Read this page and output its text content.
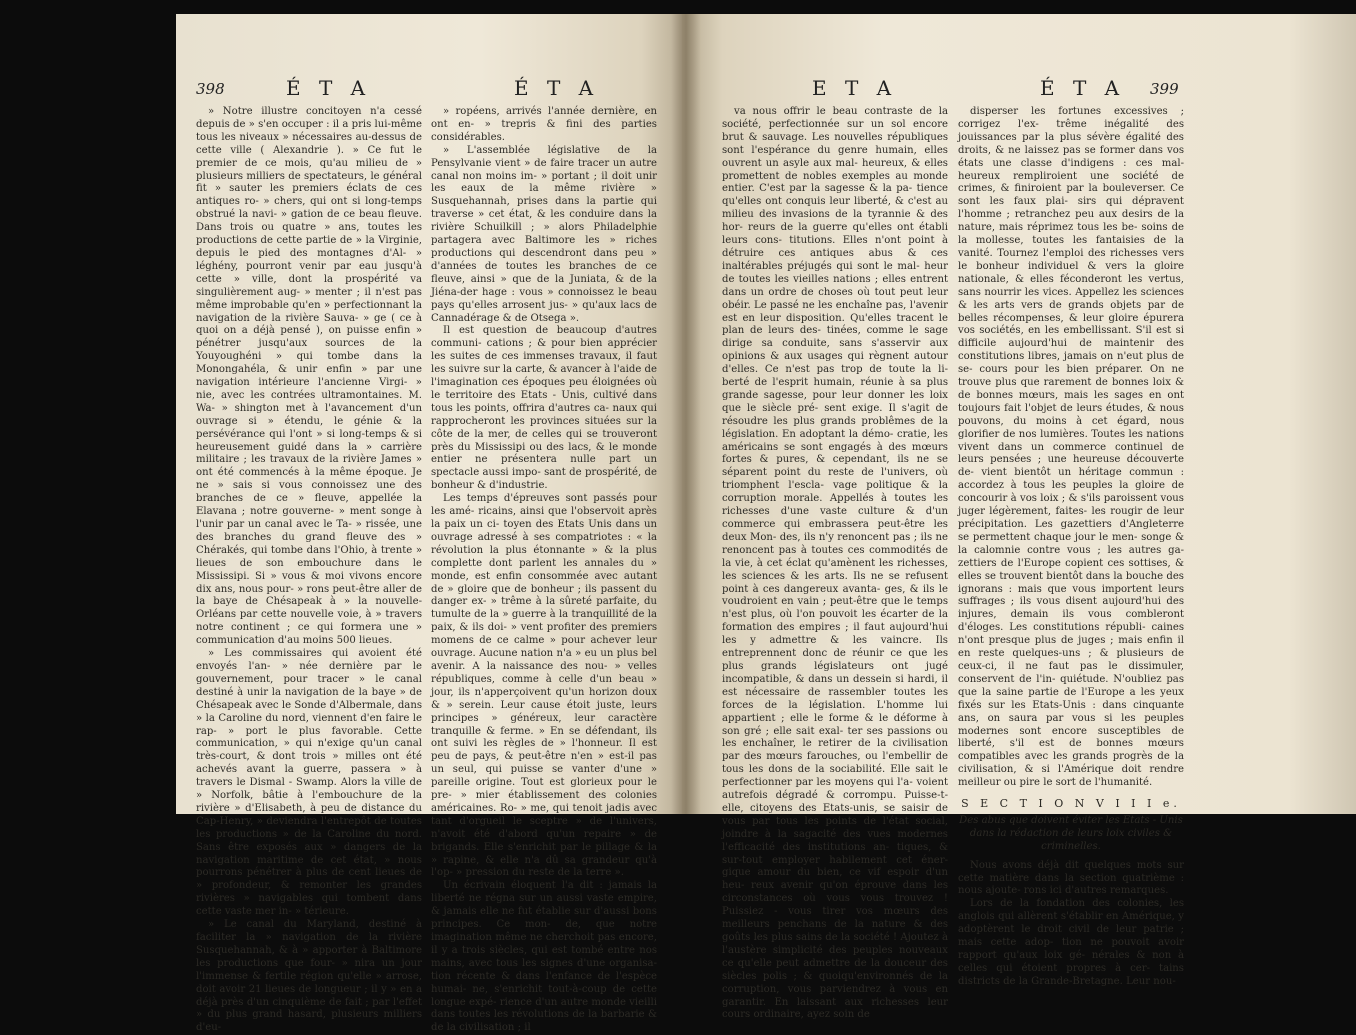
398	É T A	É T A

» Notre illustre concitoyen n'a cessé depuis de » s'en occuper : il a pris lui-même tous les niveaux » nécessaires au-dessus de cette ville ( Alexandrie ). » Ce fut le premier de ce mois, qu'au milieu de » plusieurs milliers de spectateurs, le général fit » sauter les premiers éclats de ces antiques ro- » chers, qui ont si long-temps obstrué la navi- » gation de ce beau fleuve. Dans trois ou quatre » ans, toutes les productions de cette partie de » la Virginie, depuis le pied des montagnes d'Al- » léghény, pourront venir par eau jusqu'à cette » ville, dont la prospérité va singulièrement aug- » menter ; il n'est pas même improbable qu'en » perfectionnant la navigation de la rivière Sauva- » ge ( ce à quoi on a déjà pensé ), on puisse enfin » pénétrer jusqu'aux sources de la Youyoughéni » qui tombe dans la Monongahéla, & unir enfin » par une navigation intérieure l'ancienne Virgi- » nie, avec les contrées ultramontaines. M. Wa- » shington met à l'avancement d'un ouvrage si » étendu, le génie & la persévérance qui l'ont » si long-temps & si heureusement guidé dans la » carrière militaire ; les travaux de la rivière James » ont été commencés à la même époque. Je ne » sais si vous connoissez une des branches de ce » fleuve, appellée la Elavana ; notre gouverne- » ment songe à l'unir par un canal avec le Ta- » rissée, une des branches du grand fleuve des » Chérakés, qui tombe dans l'Ohio, à trente » lieues de son embouchure dans le Mississipi. Si » vous & moi vivons encore dix ans, nous pour- » rons peut-être aller de la baye de Chésapeak à » la nouvelle-Orléans par cette nouvelle voie, à » travers notre continent ; ce qui formera une » communication d'au moins 500 lieues.

» Les commissaires qui avoient été envoyés l'an- » née dernière par le gouvernement, pour tracer » le canal destiné à unir la navigation de la baye » de Chésapeak avec le Sonde d'Albermale, dans » la Caroline du nord, viennent d'en faire le rap- » port le plus favorable. Cette communication, » qui n'exige qu'un canal très-court, & dont trois » milles ont été achevés avant la guerre, passera » à travers le Dismal - Swamp. Alors la ville de » Norfolk, bâtie à l'embouchure de la rivière » d'Elisabeth, à peu de distance du Cap-Henry, » deviendra l'entrepôt de toutes les productions » de la Caroline du nord. Sans être exposés aux » dangers de la navigation maritime de cet état, » nous pourrons pénétrer à plus de cent lieues de » profondeur, & remonter les grandes rivières » navigables qui tombent dans cette vaste mer in- » térieure.

» Le canal du Maryland, destiné à faciliter la » navigation de la rivière Susquehannah, & à » apporter à Baltimore les productions que four- » nira un jour l'immense & fertile région qu'elle » arrose, doit avoir 21 lieues de longueur ; il y » en a déjà près d'un cinquième de fait ; par l'effet » du plus grand hasard, plusieurs milliers d'eu-

» ropéens, arrivés l'année dernière, en ont en- » trepris & fini des parties considérables.

» L'assemblée législative de la Pensylvanie vient » de faire tracer un autre canal non moins im- » portant ; il doit unir les eaux de la même rivière » Susquehannah, prises dans la partie qui traverse » cet état, & les conduire dans la rivière Schuilkill ; » alors Philadelphie partagera avec Baltimore les » riches productions qui descendront dans peu » d'années de toutes les branches de ce fleuve, ainsi » que de la Juniata, & de la Jiéna-der hage : vous » connoissez le beau pays qu'elles arrosent jus- » qu'aux lacs de Cannadérage & de Otsega ».

Il est question de beaucoup d'autres communi- cations ; & pour bien apprécier les suites de ces immenses travaux, il faut les suivre sur la carte, & avancer à l'aide de l'imagination ces époques peu éloignées où le territoire des Etats - Unis, cultivé dans tous les points, offrira d'autres ca- naux qui rapprocheront les provinces situées sur la côte de la mer, de celles qui se trouveront près du Mississipi ou des lacs, & le monde entier ne présentera nulle part un spectacle aussi impo- sant de prospérité, de bonheur & d'industrie.

Les temps d'épreuves sont passés pour les amé- ricains, ainsi que l'observoit après la paix un ci- toyen des Etats Unis dans un ouvrage adressé à ses compatriotes : « la révolution la plus étonnante » & la plus complette dont parlent les annales du » monde, est enfin consommée avec autant de » gloire que de bonheur ; ils passent du danger ex- » trême à la sûreté parfaite, du tumulte de la » guerre à la tranquillité de la paix, & ils doi- » vent profiter des premiers momens de ce calme » pour achever leur ouvrage. Aucune nation n'a » eu un plus bel avenir. A la naissance des nou- » velles républiques, comme à celle d'un beau » jour, ils n'apperçoivent qu'un horizon doux & » serein. Leur cause étoit juste, leurs principes » généreux, leur caractère tranquille & ferme. » En se défendant, ils ont suivi les règles de » l'honneur. Il est peu de pays, & peut-être n'en » est-il pas un seul, qui puisse se vanter d'une » pareille origine. Tout est glorieux pour le pre- » mier établissement des colonies américaines. Ro- » me, qui tenoit jadis avec tant d'orgueil le sceptre » de l'univers, n'avoit été d'abord qu'un repaire » de brigands. Elle s'enrichit par le pillage & la » rapine, & elle n'a dû sa grandeur qu'à l'op- » pression du reste de la terre ».

Un écrivain éloquent l'a dit : jamais la liberté ne régna sur un aussi vaste empire, & jamais elle ne fut établie sur d'aussi bons principes. Ce mon- de, que notre imagination même ne cherchoit pas encore, il y a trois siècles, qui est tombé entre nos mains, avec tous les signes d'une organisa- tion récente & dans l'enfance de l'espèce humai- ne, s'enrichit tout-à-coup de cette longue expé- rience d'un autre monde vieilli dans toutes les révolutions de la barbarie & de la civilisation ; il

E T A	É T A 399

va nous offrir le beau contraste de la société, perfectionnée sur un sol encore brut & sauvage. Les nouvelles républiques sont l'espérance du genre humain, elles ouvrent un asyle aux mal- heureux, & elles promettent de nobles exemples au monde entier. C'est par la sagesse & la pa- tience qu'elles ont conquis leur liberté, & c'est au milieu des invasions de la tyrannie & des hor- reurs de la guerre qu'elles ont établi leurs cons- titutions. Elles n'ont point à détruire ces antiques abus & ces inaltérables préjugés qui sont le mal- heur de toutes les vieilles nations ; elles entrent dans un ordre de choses où tout peut leur obéir. Le passé ne les enchaîne pas, l'avenir est en leur disposition. Qu'elles tracent le plan de leurs des- tinées, comme le sage dirige sa conduite, sans s'asservir aux opinions & aux usages qui règnent autour d'elles. Ce n'est pas trop de toute la li- berté de l'esprit humain, réunie à sa plus grande sagesse, pour leur donner les loix que le siècle pré- sent exige. Il s'agit de résoudre les plus grands problêmes de la législation. En adoptant la démo- cratie, les américains se sont engagés à des mœurs fortes & pures, & cependant, ils ne se séparent point du reste de l'univers, où triomphent l'escla- vage politique & la corruption morale. Appellés à toutes les richesses d'une vaste culture & d'un commerce qui embrassera peut-être les deux Mon- des, ils n'y renoncent pas ; ils ne renoncent pas à toutes ces commodités de la vie, à cet éclat qu'amènent les richesses, les sciences & les arts. Ils ne se refusent point à ces dangereux avanta- ges, & ils le voudroient en vain ; peut-être que le temps n'est plus, où l'on pouvoit les écarter de la formation des empires ; il faut aujourd'hui les y admettre & les vaincre. Ils entreprennent donc de réunir ce que les plus grands législateurs ont jugé incompatible, & dans un dessein si hardi, il est nécessaire de rassembler toutes les forces de la législation. L'homme lui appartient ; elle le forme & le déforme à son gré ; elle sait exal- ter ses passions ou les enchaîner, le retirer de la civilisation par des mœurs farouches, ou l'embellir de tous les dons de la sociabilité. Elle sait le perfectionner par les moyens qui l'a- voient autrefois dégradé & corrompu. Puisse-t-elle, citoyens des Etats-unis, se saisir de vous par tous les points de l'état social, joindre à la sagacité des vues modernes l'efficacité des institutions an- tiques, & sur-tout employer habilement cet éner- gique amour du bien, ce vif espoir d'un heu- reux avenir qu'on éprouve dans les circonstances où vous vous trouvez ! Puissiez - vous tirer vos mœurs des meilleurs penchans de la nature & des goûts les plus sains de la société ! Ajoutez à l'austère simplicité des peuples nouveaux ce qu'elle peut admettre de la douceur des siècles polis ; & quoiqu'environnés de la corruption, vous parviendrez à vous en garantir. En laissant aux richesses leur cours ordinaire, ayez soin de

disperser les fortunes excessives ; corrigez l'ex- trême inégalité des jouissances par la plus sévère égalité des droits, & ne laissez pas se former dans vos états une classe d'indigens : ces mal- heureux rempliroient une société de crimes, & finiroient par la bouleverser. Ce sont les faux plai- sirs qui dépravent l'homme ; retranchez peu aux desirs de la nature, mais réprimez tous les be- soins de la mollesse, toutes les fantaisies de la vanité. Tournez l'emploi des richesses vers le bonheur individuel & vers la gloire nationale, & elles féconderont les vertus, sans nourrir les vices. Appellez les sciences & les arts vers de grands objets par de belles récompenses, & leur gloire épurera vos sociétés, en les embellissant. S'il est si difficile aujourd'hui de maintenir des constitutions libres, jamais on n'eut plus de se- cours pour les bien préparer. On ne trouve plus que rarement de bonnes loix & de bonnes mœurs, mais les sages en ont toujours fait l'objet de leurs études, & nous pouvons, du moins à cet égard, nous glorifier de nos lumières. Toutes les nations vivent dans un commerce continuel de leurs pensées ; une heureuse découverte de- vient bientôt un héritage commun : accordez à tous les peuples la gloire de concourir à vos loix ; & s'ils paroissent vous juger légèrement, faites- les rougir de leur précipitation. Les gazettiers d'Angleterre se permettent chaque jour le men- songe & la calomnie contre vous ; les autres ga- zettiers de l'Europe copient ces sottises, & elles se trouvent bientôt dans la bouche des ignorans : mais que vous importent leurs suffrages ; ils vous disent aujourd'hui des injures, demain ils vous combleront d'éloges. Les constitutions républi- caines n'ont presque plus de juges ; mais enfin il en reste quelques-uns ; & plusieurs de ceux-ci, il ne faut pas le dissimuler, conservent de l'in- quiétude. N'oubliez pas que la saine partie de l'Europe a les yeux fixés sur les Etats-Unis : dans cinquante ans, on saura par vous si les peuples modernes sont encore susceptibles de liberté, s'il est de bonnes mœurs compatibles avec les grands progrès de la civilisation, & si l'Amérique doit rendre meilleur ou pire le sort de l'humanité.

S E C T I O N V I I I e.
Des abus que doivent éviter les Etats - Unis dans la rédaction de leurs loix civiles & criminelles.

Nous avons déjà dit quelques mots sur cette matière dans la section quatrième : nous ajoute- rons ici d'autres remarques.

Lors de la fondation des colonies, les anglois qui allèrent s'établir en Amérique, y adoptèrent le droit civil de leur patrie ; mais cette adop- tion ne pouvoit avoir rapport qu'aux loix gé- nérales & non à celles qui étoient propres à cer- tains districts de la Grande-Bretagne. Leur nou-
